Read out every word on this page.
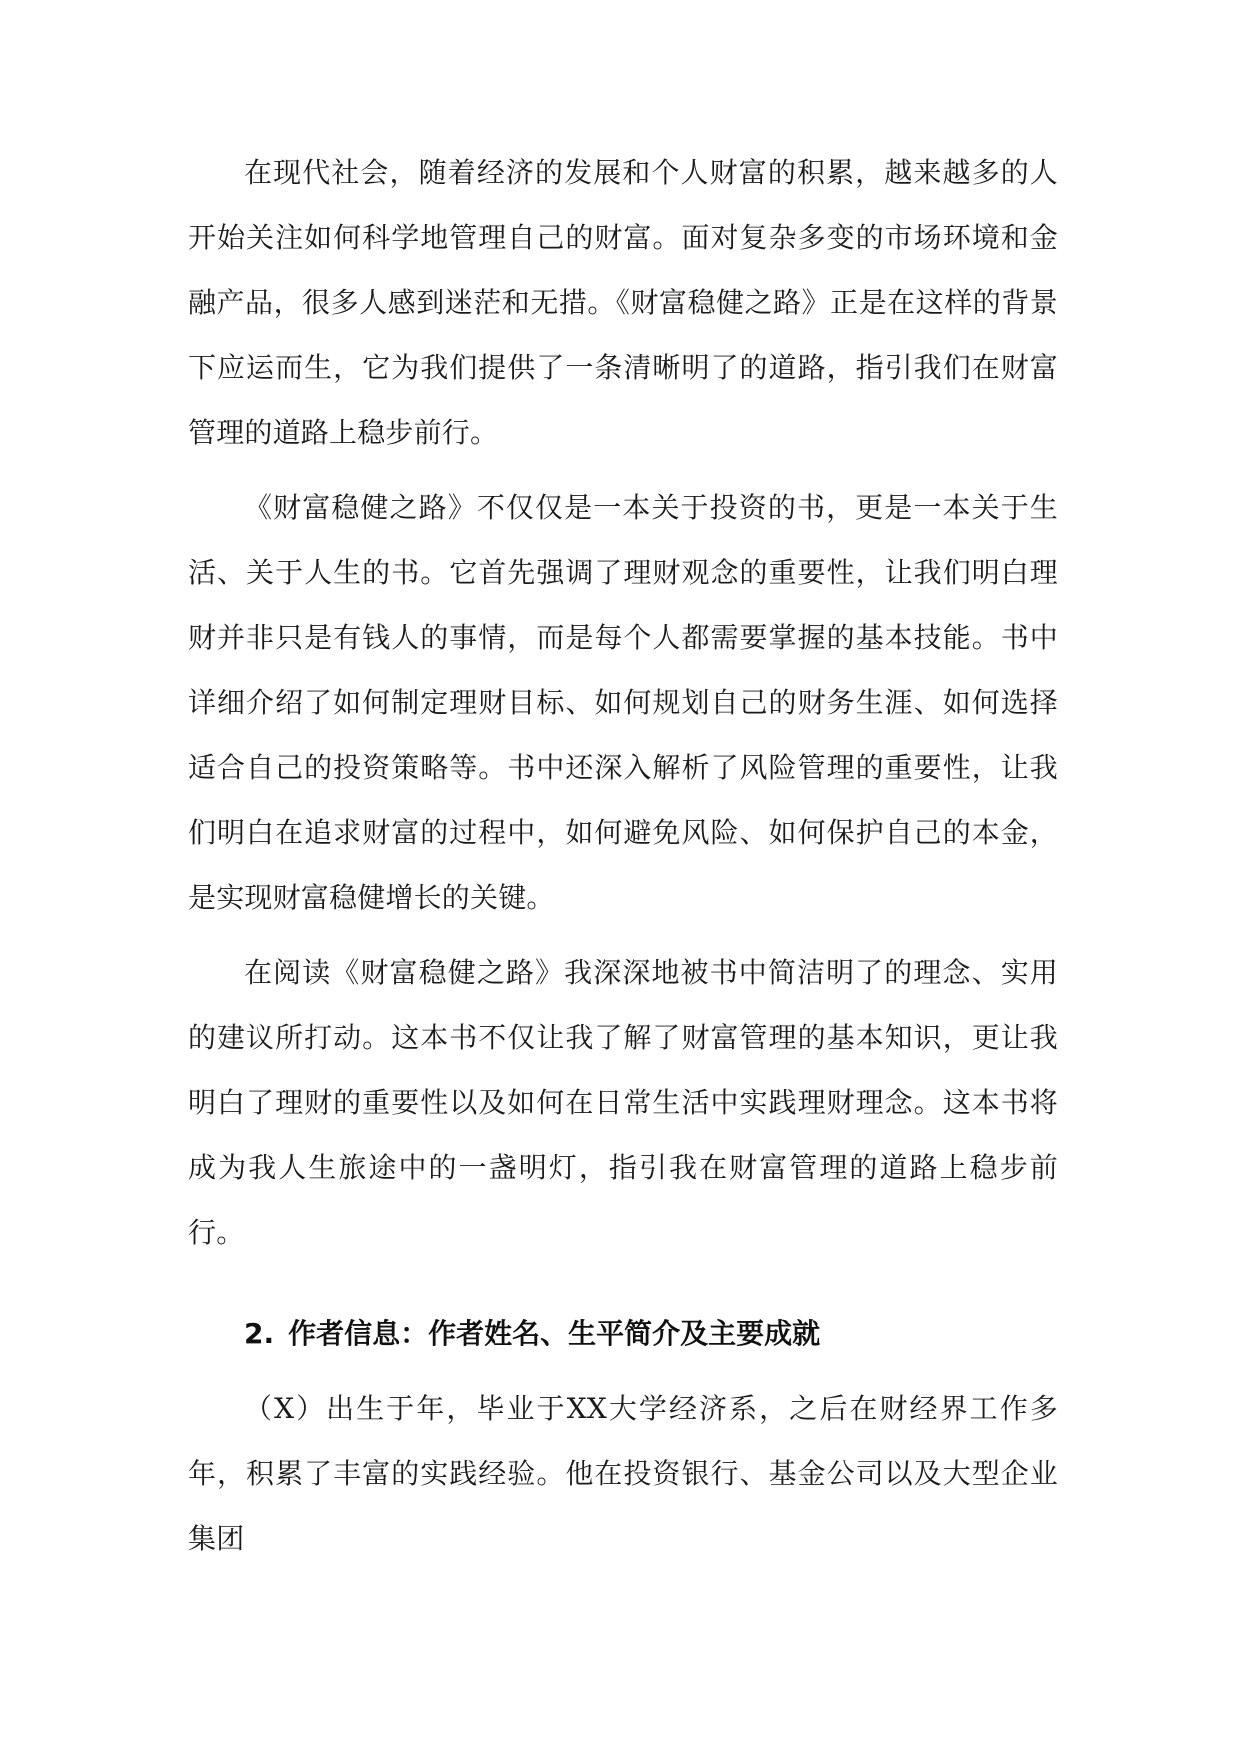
在现代社会，随着经济的发展和个人财富的积累，越来越多的人开始关注如何科学地管理自己的财富。面对复杂多变的市场环境和金融产品，很多人感到迷茫和无措。《财富稳健之路》正是在这样的背景下应运而生，它为我们提供了一条清晰明了的道路，指引我们在财富管理的道路上稳步前行。

《财富稳健之路》不仅仅是一本关于投资的书，更是一本关于生活、关于人生的书。它首先强调了理财观念的重要性，让我们明白理财并非只是有钱人的事情，而是每个人都需要掌握的基本技能。书中详细介绍了如何制定理财目标、如何规划自己的财务生涯、如何选择适合自己的投资策略等。书中还深入解析了风险管理的重要性，让我们明白在追求财富的过程中，如何避免风险、如何保护自己的本金，是实现财富稳健增长的关键。

在阅读《财富稳健之路》我深深地被书中简洁明了的理念、实用的建议所打动。这本书不仅让我了解了财富管理的基本知识，更让我明白了理财的重要性以及如何在日常生活中实践理财理念。这本书将成为我人生旅途中的一盏明灯，指引我在财富管理的道路上稳步前行。

2. 作者信息：作者姓名、生平简介及主要成就

（X）出生于年，毕业于XX大学经济系，之后在财经界工作多年，积累了丰富的实践经验。他在投资银行、基金公司以及大型企业集团
